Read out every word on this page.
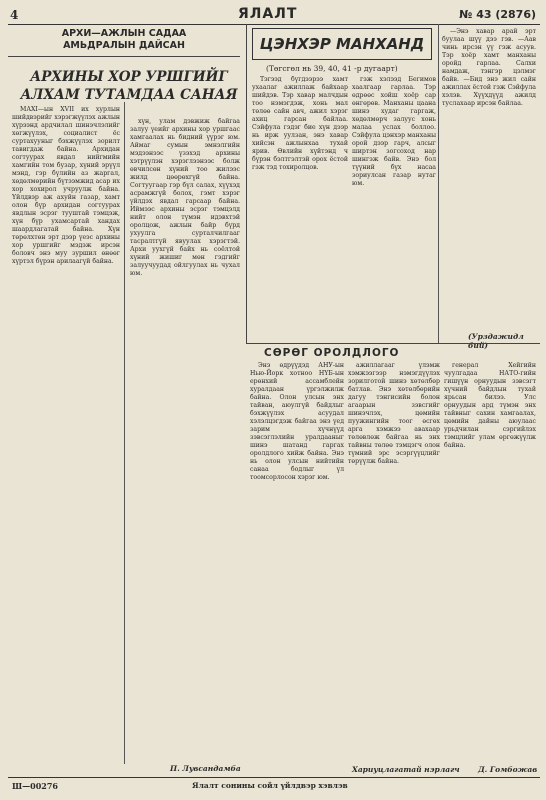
4	ЯЛАЛТ	№ 43 (2876)
АРХИ—АЖЛЫН САДАА
АМЬДРАЛЫН ДАЙСАН
АРХИНЫ ХОР УРШГИЙГ АЛХАМ ТУТАМДАА САНАЯ

МАХI—ын XVII их хурлын шийдвэрийг хэрэгжүүлэх ажлын хүрээнд ардчилал шинэчлэлийг хөгжүүлэх, социалист ёс суртахууныг бэхжүүлэх зорилт тавигдаж байна. Архидан согтуурах явдал нийгмийн хамгийн том бузар, хүний эрүүл мэнд, гэр бүлийн аз жаргал, хөдөлмөрийн бүтээмжид асар их хор хохирол учруулж байна. Үйлдвэр аж ахуйн газар, хамт олон бүр архидан согтуурах явдлын эсрэг тууштай тэмцэж, хүн бүр ухамсартай хандах шаардлагатай байна. Хүн төрөлхтөн эрт дээр үеэс архины хор уршгийг мэдэж ирсэн боловч энэ муу зуршил өнөөг хүртэл бүрэн арилаагүй байна.

хүн, улам дэвжиж байгаа залуу үеийг архины хор уршгаас хамгаалах нь бидний үүрэг юм. Аймаг сумын эмнэлгийн мэдээнээс үзэхэд архины хэтрүүлэн хэрэглээнээс болж өвчилсөн хүний тоо жилээс жилд цөөрөхгүй байна. Согтуугаар гэр бүл салах, хүүхэд асрамжгүй болох, гэмт хэрэг үйлдэх явдал гарсаар байна. Иймээс архины эсрэг тэмцэлд нийт олон түмэн идэвхтэй оролцож, ажлын байр бүрд ухуулга сурталчилгааг тасралтгүй явуулах хэрэгтэй. Архи уухгүй байх нь соёлтой хүний жишиг мөн гэдгийг залуучуудад ойлгуулах нь чухал юм.

П. Лувсандамба
ЦЭНХЭР МАНХАНД
(Төгсгөл нь 39, 40, 41 -р дугаарт)

Тэгээд бүгдээрээ хамт ухаалаг ажиллаж байхаар шийдэв. Тэр хавар малчдын тоо нэмэгдэж, хонь мал төлөө сайн авч, ажил хэрэг ахиц гарсан байлаа. Сэйфула гэдэг бие хүн дээр нь ирж уулзан, энэ хавар хийсэн ажлынхаа тухай ярив. Өвлийн хүйтэнд ч бүрэн бэлтгэлтэй орох ёстой гэж тэд тохиролцов.

гэж хэлээд Бегимов хаалгаар гарлаа. Тэр өдрөөс хойш хоёр сар өнгөрөв. Манханы цаана шинэ худаг гаргаж, хөдөлмөрч залуус хонь малаа услах боллоо. Сэйфула цэнхэр манханы орой дээр гарч, алсыг ширтэн зогсоход нар шингэж байв. Энэ бол түүний бүх насаа зориулсан газар нутаг юм.

—Энэ хавар арай эрт буулаа шүү дээ гэв. —Аав чинь ирсэн үү гэж асуув. Тэр хоёр хамт манханы оройд гарлаа. Салхи намдаж, тэнгэр цэлмэг байв. —Бид энэ жил сайн ажиллах ёстой гэж Сэйфула хэлэв. Хүүхдүүд ажилд туслахаар ирсэн байлаа.

(Урздажидл бий)
СӨРӨГ ОРОЛДЛОГО

Энэ өдрүүдэд АНУ-ын Нью-Йорк хотноо НҮБ-ын ерөнхий ассамблейн хуралдаан үргэлжилж байна. Олон улсын энх тайван, аюулгүй байдлыг бэхжүүлэх асуудал хэлэлцэгдэж байгаа энэ үед зарим хүчнүүд зэвсэглэлийн уралдааныг шинэ шатанд гаргах оролдлого хийж байна. Энэ нь олон улсын нийтийн санаа бодлыг үл тоомсорлосон хэрэг юм.

ажиллагааг үлэмж хэмжээгээр нэмэгдүүлэх зорилготой шинэ хөтөлбөр батлав. Энэ хөтөлбөрийн дагуу тэнгисийн болон агаарын зэвсгийг шинэчлэх, цөмийн пуужингийн тоог өсгөх арга хэмжээ авахаар төлөвлөж байгаа нь энх тайвны төлөө тэмцэгч олон түмний эрс эсэргүүцлийг төрүүлж байна.

генерал Хейгийн чуулгадаа НАТО-гийн гишүүн орнуудын зэвсэгт хүчний байдлын тухай ярьсан билээ. Улс орнуудын ард түмэн энх тайвныг сахин хамгаалах, цөмийн дайны аюулаас урьдчилан сэргийлэх тэмцлийг улам өргөжүүлж байна.

Хариуцлагатай нэрлагч Д. Гомбожав
Ш—00276	Ялалт сонины сойл үйлдвэр хэвлэв
